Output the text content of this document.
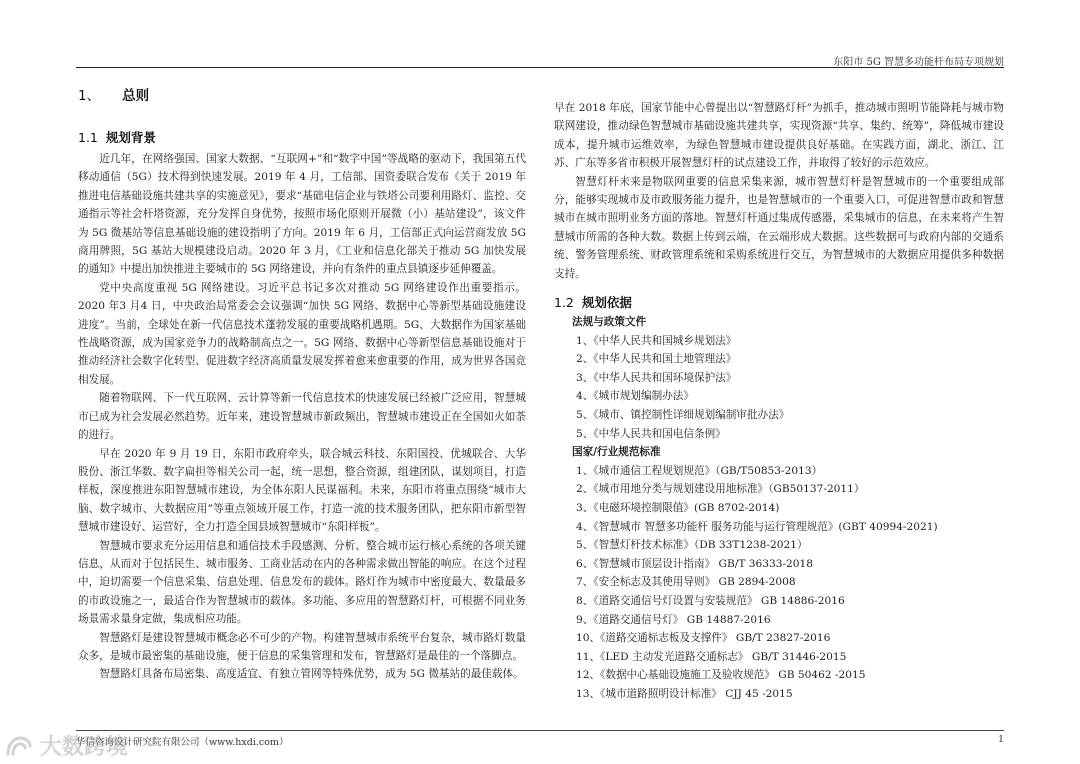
东阳市 5G 智慧多功能杆布局专项规划
1、 总则
1.1 规划背景

近几年，在网络强国、国家大数据、“互联网+”和“数字中国”等战略的驱动下，我国第五代移动通信（5G）技术得到快速发展。2019 年 4 月，工信部、国资委联合发布《关于 2019 年推进电信基础设施共建共享的实施意见》，要求“基础电信企业与铁塔公司要利用路灯、监控、交通指示等社会杆塔资源，充分发挥自身优势，按照市场化原则开展微（小）基站建设”，该文件为 5G 微基站等信息基础设施的建设指明了方向。2019 年 6 月，工信部正式向运营商发放 5G 商用牌照，5G 基站大规模建设启动。2020 年 3 月，《工业和信息化部关于推动 5G 加快发展的通知》中提出加快推进主要城市的 5G 网络建设，并向有条件的重点县镇逐步延伸覆盖。

党中央高度重视 5G 网络建设。习近平总书记多次对推动 5G 网络建设作出重要指示。2020 年3 月4 日，中央政治局常委会会议强调“加快 5G 网络、数据中心等新型基础设施建设进度”。当前，全球处在新一代信息技术蓬勃发展的重要战略机遇期。5G、大数据作为国家基础性战略资源，成为国家竞争力的战略制高点之一。5G 网络、数据中心等新型信息基础设施对于推动经济社会数字化转型、促进数字经济高质量发展发挥着愈来愈重要的作用，成为世界各国竞相发展。

随着物联网、下一代互联网、云计算等新一代信息技术的快速发展已经被广泛应用，智慧城市已成为社会发展必然趋势。近年来，建设智慧城市新政频出，智慧城市建设正在全国如火如荼的进行。

早在 2020 年 9 月 19 日，东阳市政府牵头，联合城云科技、东阳国投、优城联合、大华股份、浙江华数、数字扁担等相关公司一起，统一思想，整合资源，组建团队，谋划项目，打造样板，深度推进东阳智慧城市建设，为全体东阳人民谋福利。未来，东阳市将重点围绕“城市大脑、数字城市、大数据应用”等重点领域开展工作，打造一流的技术服务团队，把东阳市新型智慧城市建设好、运营好，全力打造全国县域智慧城市“东阳样板”。

智慧城市要求充分运用信息和通信技术手段感测、分析、整合城市运行核心系统的各项关键信息，从而对于包括民生、城市服务、工商业活动在内的各种需求做出智能的响应。在这个过程中，迫切需要一个信息采集、信息处理、信息发布的载体。路灯作为城市中密度最大、数量最多的市政设施之一，最适合作为智慧城市的载体。多功能、多应用的智慧路灯杆，可根据不同业务场景需求量身定做，集成相应功能。

智慧路灯是建设智慧城市概念必不可少的产物。构建智慧城市系统平台复杂，城市路灯数量众多，是城市最密集的基础设施，便于信息的采集管理和发布，智慧路灯是最佳的一个落脚点。

智慧路灯具备布局密集、高度适宜、有独立管网等特殊优势，成为 5G 微基站的最佳载体。

早在 2018 年底，国家节能中心曾提出以“智慧路灯杆”为抓手，推动城市照明节能降耗与城市物联网建设，推动绿色智慧城市基础设施共建共享，实现资源“共享、集约、统筹”，降低城市建设成本，提升城市运维效率，为绿色智慧城市建设提供良好基础。在实践方面，湖北、浙江、江苏、广东等多省市积极开展智慧灯杆的试点建设工作，并取得了较好的示范效应。

智慧灯杆未来是物联网重要的信息采集来源，城市智慧灯杆是智慧城市的一个重要组成部分，能够实现城市及市政服务能力提升，也是智慧城市的一个重要入口，可促进智慧市政和智慧城市在城市照明业务方面的落地。智慧灯杆通过集成传感器，采集城市的信息，在未来将产生智慧城市所需的各种大数。数据上传到云端，在云端形成大数据。这些数据可与政府内部的交通系统、警务管理系统、财政管理系统和采购系统进行交互，为智慧城市的大数据应用提供多种数据支持。

1.2 规划依据
法规与政策文件
1、《中华人民共和国城乡规划法》
2、《中华人民共和国土地管理法》
3、《中华人民共和国环境保护法》
4、《城市规划编制办法》
5、《城市、镇控制性详细规划编制审批办法》
5、《中华人民共和国电信条例》
国家/行业规范标准
1、《城市通信工程规划规范》（GB/T50853-2013）
2、《城市用地分类与规划建设用地标准》（GB50137-2011）
3、《电磁环境控制限值》(GB 8702-2014)
4、《智慧城市 智慧多功能杆 服务功能与运行管理规范》(GBT 40994-2021)
5、《智慧灯杆技术标准》（DB 33T1238-2021）
6、《智慧城市顶层设计指南》 GB/T 36333-2018
7、《安全标志及其使用导则》 GB 2894-2008
8、《道路交通信号灯设置与安装规范》 GB 14886-2016
9、《道路交通信号灯》 GB 14887-2016
10、《道路交通标志板及支撑件》 GB/T 23827-2016
11、《LED 主动发光道路交通标志》 GB/T 31446-2015
12、《数据中心基础设施施工及验收规范》 GB 50462 -2015
13、《城市道路照明设计标准》 CJJ 45 -2015
华信咨询设计研究院有限公司（www.hxdi.com）	1
大数跨境
